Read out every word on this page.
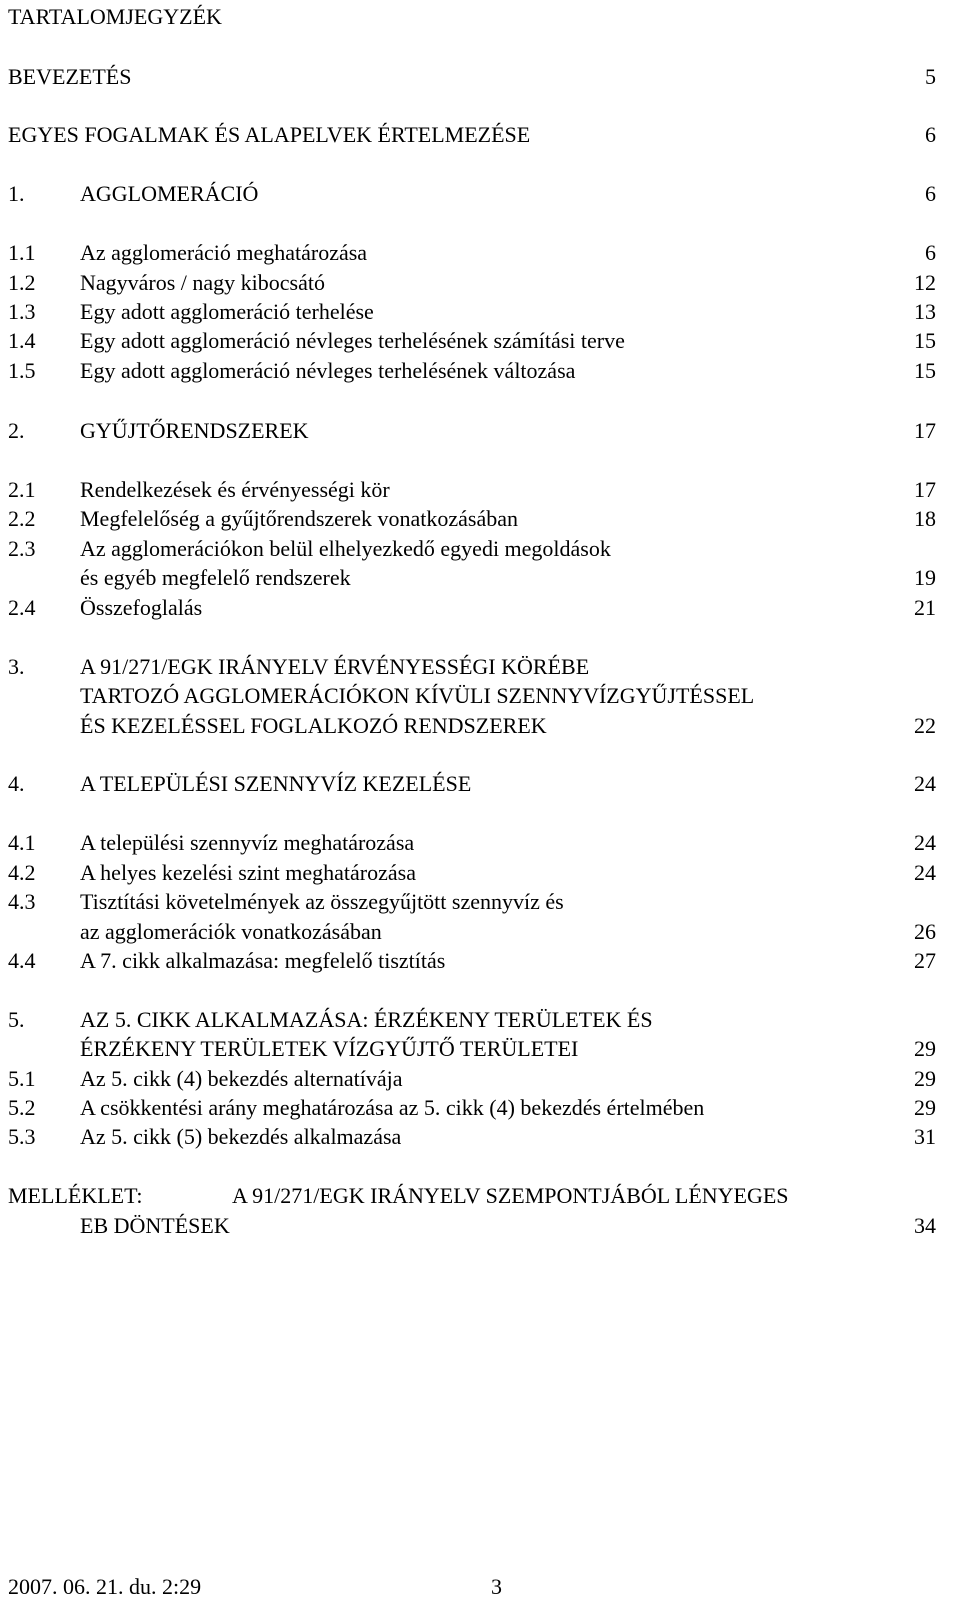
TARTALOMJEGYZÉK
BEVEZETÉS	5
EGYES FOGALMAK ÉS ALAPELVEK ÉRTELMEZÉSE	6
1.	AGGLOMERÁCIÓ	6
1.1 Az agglomeráció meghatározása	6
1.2 Nagyváros / nagy kibocsátó	12
1.3 Egy adott agglomeráció terhelése	13
1.4 Egy adott agglomeráció névleges terhelésének számítási terve	15
1.5 Egy adott agglomeráció névleges terhelésének változása	15
2.	GYŰJTŐRENDSZEREK	17
2.1 Rendelkezések és érvényességi kör	17
2.2 Megfelelőség a gyűjtőrendszerek vonatkozásában	18
2.3 Az agglomerációkon belül elhelyezkedő egyedi megoldások
és egyéb megfelelő rendszerek	19
2.4 Összefoglalás	21
3.	A 91/271/EGK IRÁNYELV ÉRVÉNYESSÉGI KÖRÉBE
TARTOZÓ AGGLOMERÁCIÓKON KÍVÜLI SZENNYVÍZGYŰJTÉSSEL
ÉS KEZELÉSSEL FOGLALKOZÓ RENDSZEREK	22
4.	A TELEPÜLÉSI SZENNYVÍZ KEZELÉSE	24
4.1 A települési szennyvíz meghatározása	24
4.2 A helyes kezelési szint meghatározása	24
4.3 Tisztítási követelmények az összegyűjtött szennyvíz és
az agglomerációk vonatkozásában	26
4.4 A 7. cikk alkalmazása: megfelelő tisztítás	27
5.	AZ 5. CIKK ALKALMAZÁSA: ÉRZÉKENY TERÜLETEK ÉS
ÉRZÉKENY TERÜLETEK VÍZGYŰJTŐ TERÜLETEI	29
5.1 Az 5. cikk (4) bekezdés alternatívája	29
5.2 A csökkentési arány meghatározása az 5. cikk (4) bekezdés értelmében	29
5.3 Az 5. cikk (5) bekezdés alkalmazása	31
MELLÉKLET:	A 91/271/EGK IRÁNYELV SZEMPONTJÁBÓL LÉNYEGES
EB DÖNTÉSEK	34
2007. 06. 21. du. 2:29	3
